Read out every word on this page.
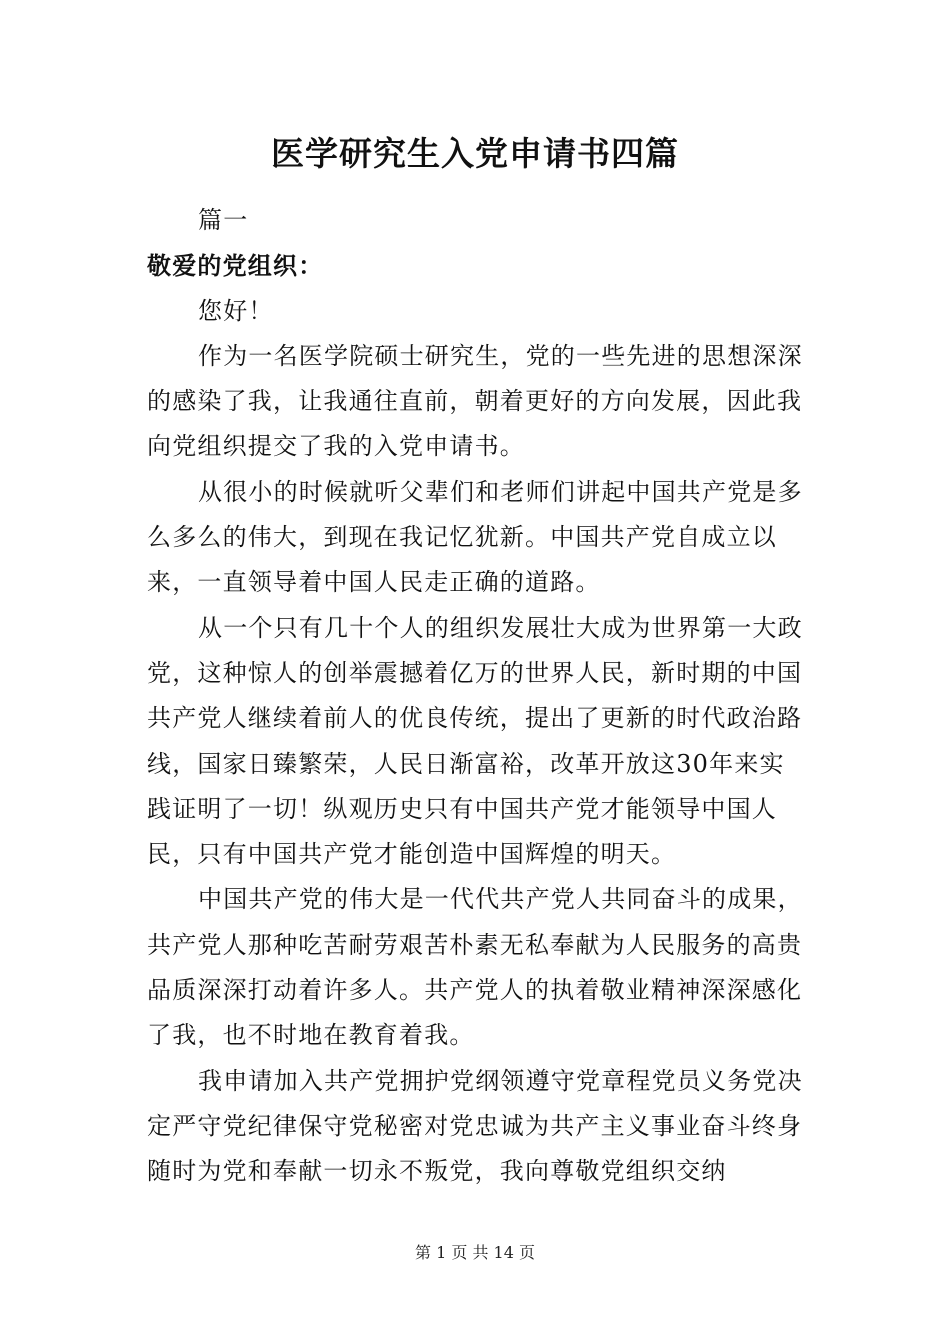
医学研究生入党申请书四篇

篇一

敬爱的党组织：

您好！

作为一名医学院硕士研究生，党的一些先进的思想深深的感染了我，让我通往直前，朝着更好的方向发展，因此我向党组织提交了我的入党申请书。

从很小的时候就听父辈们和老师们讲起中国共产党是多么多么的伟大，到现在我记忆犹新。中国共产党自成立以来，一直领导着中国人民走正确的道路。

从一个只有几十个人的组织发展壮大成为世界第一大政党，这种惊人的创举震撼着亿万的世界人民，新时期的中国共产党人继续着前人的优良传统，提出了更新的时代政治路线，国家日臻繁荣，人民日渐富裕，改革开放这30年来实践证明了一切！纵观历史只有中国共产党才能领导中国人民，只有中国共产党才能创造中国辉煌的明天。

中国共产党的伟大是一代代共产党人共同奋斗的成果，共产党人那种吃苦耐劳艰苦朴素无私奉献为人民服务的高贵品质深深打动着许多人。共产党人的执着敬业精神深深感化了我，也不时地在教育着我。

我申请加入共产党拥护党纲领遵守党章程党员义务党决定严守党纪律保守党秘密对党忠诚为共产主义事业奋斗终身随时为党和奉献一切永不叛党，我向尊敬党组织交纳

第 1 页 共 14 页
